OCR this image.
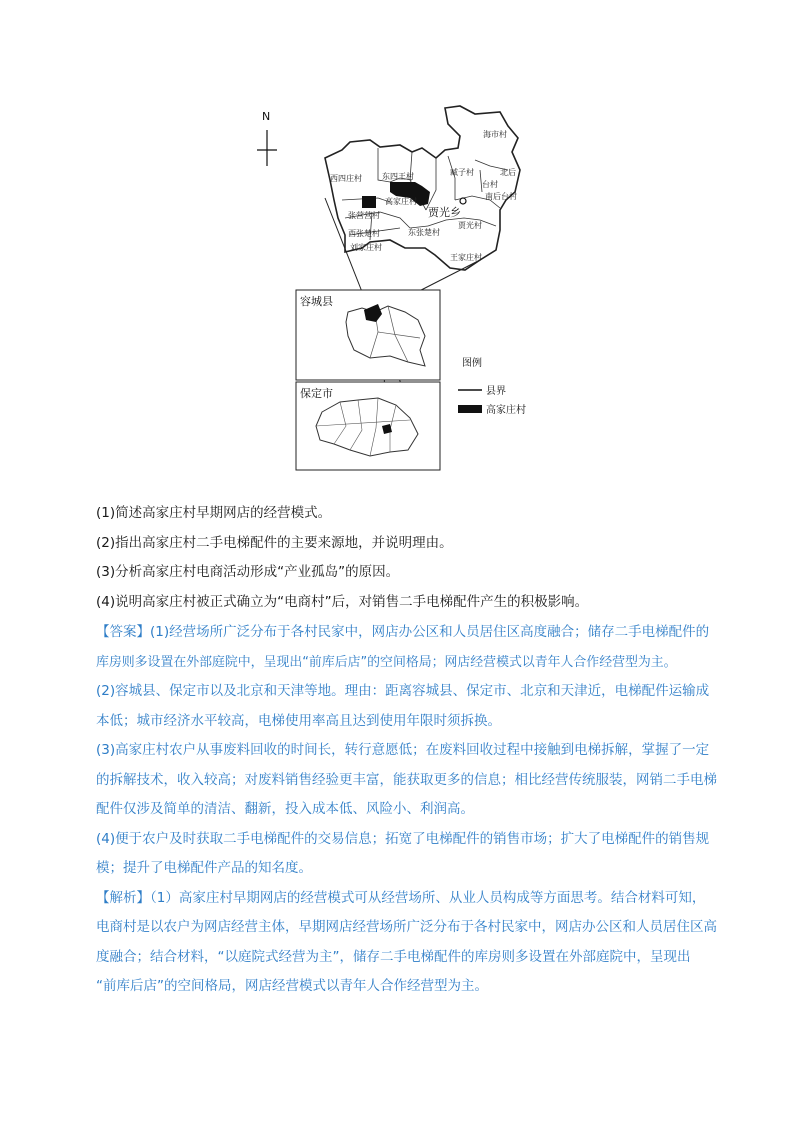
N
海市村
臧子村	北后
台村
南后台村
西四庄村	东四王村
高家庄村
贾光乡
张营营村
西张楚村
刘家庄村
东张楚村
贾光村
王家庄村
容城县
保定市
图例
县界
高家庄村
(1)简述高家庄村早期网店的经营模式。
(2)指出高家庄村二手电梯配件的主要来源地，并说明理由。
(3)分析高家庄村电商活动形成“产业孤岛”的原因。
(4)说明高家庄村被正式确立为“电商村”后，对销售二手电梯配件产生的积极影响。
【答案】(1)经营场所广泛分布于各村民家中，网店办公区和人员居住区高度融合；储存二手电梯配件的
库房则多设置在外部庭院中，呈现出“前库后店”的空间格局；网店经营模式以青年人合作经营型为主。
(2)容城县、保定市以及北京和天津等地。理由：距离容城县、保定市、北京和天津近，电梯配件运输成
本低；城市经济水平较高，电梯使用率高且达到使用年限时须拆换。
(3)高家庄村农户从事废料回收的时间长，转行意愿低；在废料回收过程中接触到电梯拆解，掌握了一定
的拆解技术，收入较高；对废料销售经验更丰富，能获取更多的信息；相比经营传统服装，网销二手电梯
配件仅涉及简单的清洁、翻新，投入成本低、风险小、利润高。
(4)便于农户及时获取二手电梯配件的交易信息；拓宽了电梯配件的销售市场；扩大了电梯配件的销售规
模；提升了电梯配件产品的知名度。
【解析】（1）高家庄村早期网店的经营模式可从经营场所、从业人员构成等方面思考。结合材料可知，
电商村是以农户为网店经营主体，早期网店经营场所广泛分布于各村民家中，网店办公区和人员居住区高
度融合；结合材料，“以庭院式经营为主”，储存二手电梯配件的库房则多设置在外部庭院中，呈现出
“前库后店”的空间格局，网店经营模式以青年人合作经营型为主。
